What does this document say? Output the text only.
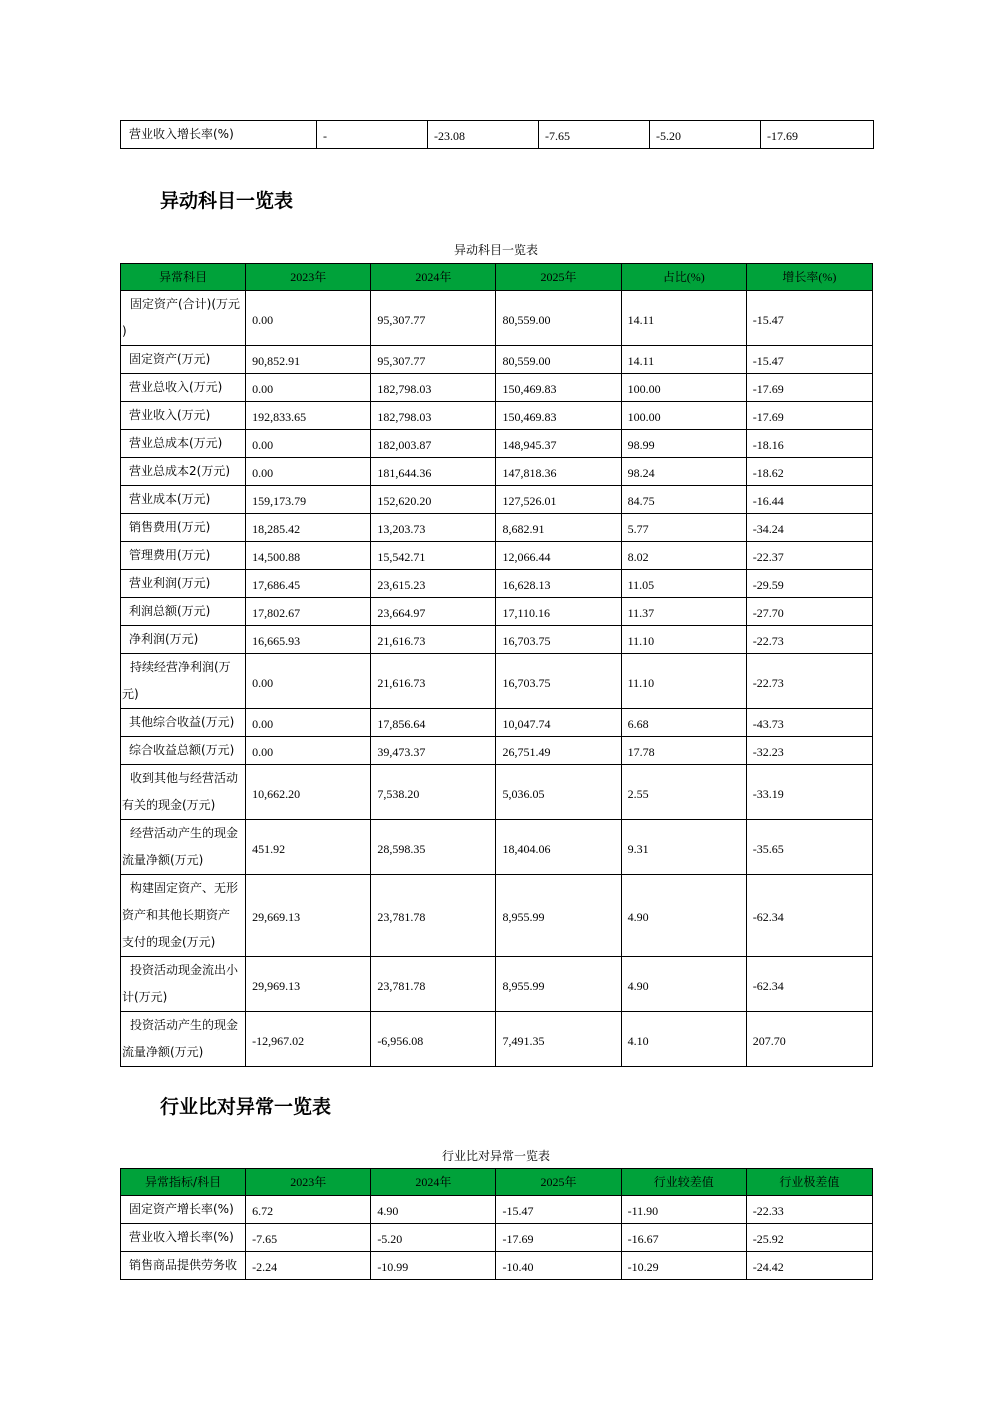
营业收入增长率(%)	-	-23.08	-7.65	-5.20	-17.69
异动科目一览表
异动科目一览表
异常科目	2023年	2024年	2025年	占比(%)	增长率(%)

固定资产(合计)(万元
)	0.00	95,307.77	80,559.00	14.11	-15.47

固定资产(万元)	90,852.91	95,307.77	80,559.00	14.11	-15.47

营业总收入(万元)	0.00	182,798.03	150,469.83	100.00	-17.69

营业收入(万元)	192,833.65	182,798.03	150,469.83	100.00	-17.69

营业总成本(万元)	0.00	182,003.87	148,945.37	98.99	-18.16

营业总成本2(万元)	0.00	181,644.36	147,818.36	98.24	-18.62

营业成本(万元)	159,173.79	152,620.20	127,526.01	84.75	-16.44

销售费用(万元)	18,285.42	13,203.73	8,682.91	5.77	-34.24

管理费用(万元)	14,500.88	15,542.71	12,066.44	8.02	-22.37

营业利润(万元)	17,686.45	23,615.23	16,628.13	11.05	-29.59

利润总额(万元)	17,802.67	23,664.97	17,110.16	11.37	-27.70

净利润(万元)	16,665.93	21,616.73	16,703.75	11.10	-22.73

持续经营净利润(万
元)	0.00	21,616.73	16,703.75	11.10	-22.73

其他综合收益(万元)	0.00	17,856.64	10,047.74	6.68	-43.73

综合收益总额(万元)	0.00	39,473.37	26,751.49	17.78	-32.23

收到其他与经营活动
有关的现金(万元)	10,662.20	7,538.20	5,036.05	2.55	-33.19

经营活动产生的现金
流量净额(万元)	451.92	28,598.35	18,404.06	9.31	-35.65

构建固定资产、无形
资产和其他长期资产
支付的现金(万元)	29,669.13	23,781.78	8,955.99	4.90	-62.34

投资活动现金流出小
计(万元)	29,969.13	23,781.78	8,955.99	4.90	-62.34

投资活动产生的现金
流量净额(万元)	-12,967.02	-6,956.08	7,491.35	4.10	207.70
行业比对异常一览表
行业比对异常一览表
异常指标/科目	2023年	2024年	2025年	行业较差值	行业极差值

固定资产增长率(%)	6.72	4.90	-15.47	-11.90	-22.33

营业收入增长率(%)	-7.65	-5.20	-17.69	-16.67	-25.92

销售商品提供劳务收	-2.24	-10.99	-10.40	-10.29	-24.42
